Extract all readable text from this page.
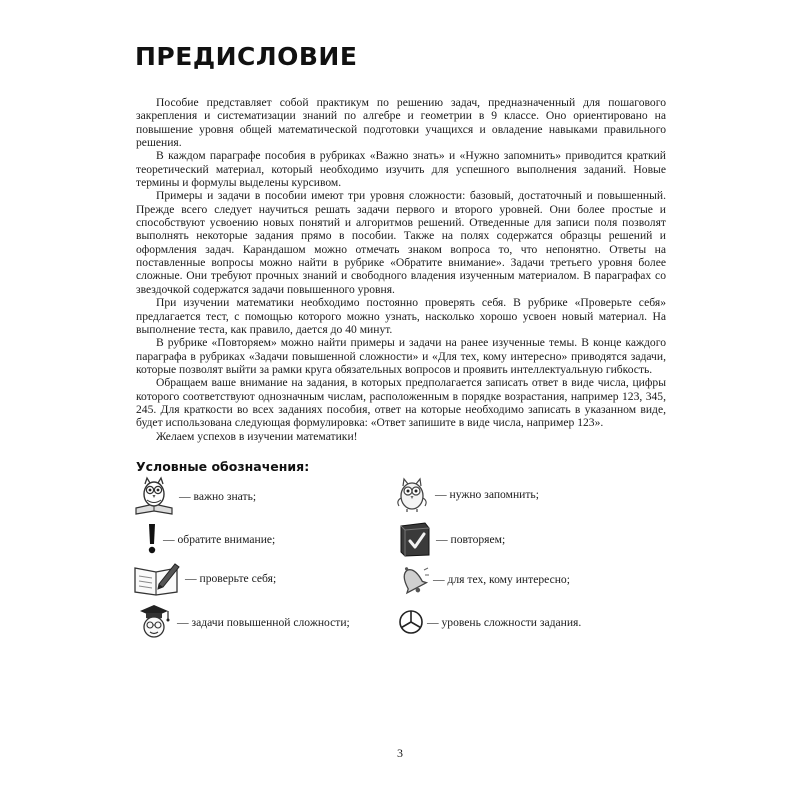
ПРЕДИСЛОВИЕ

Пособие представляет собой практикум по решению задач, предназначенный для пошагового закрепления и систематизации знаний по алгебре и геометрии в 9 классе. Оно ориентировано на повышение уровня общей математической подготовки учащихся и овладение навыками правильного решения.

В каждом параграфе пособия в рубриках «Важно знать» и «Нужно запомнить» приводится краткий теоретический материал, который необходимо изучить для успешного выполнения заданий. Новые термины и формулы выделены курсивом.

Примеры и задачи в пособии имеют три уровня сложности: базовый, достаточный и повышенный. Прежде всего следует научиться решать задачи первого и второго уровней. Они более простые и способствуют усвоению новых понятий и алгоритмов решений. Отведенные для записи поля позволят выполнять некоторые задания прямо в пособии. Также на полях содержатся образцы решений и оформления задач. Карандашом можно отмечать знаком вопроса то, что непонятно. Ответы на поставленные вопросы можно найти в рубрике «Обратите внимание». Задачи третьего уровня более сложные. Они требуют прочных знаний и свободного владения изученным материалом. В параграфах со звездочкой содержатся задачи повышенного уровня.

При изучении математики необходимо постоянно проверять себя. В рубрике «Проверьте себя» предлагается тест, с помощью которого можно узнать, насколько хорошо усвоен новый материал. На выполнение теста, как правило, дается до 40 минут.

В рубрике «Повторяем» можно найти примеры и задачи на ранее изученные темы. В конце каждого параграфа в рубриках «Задачи повышенной сложности» и «Для тех, кому интересно» приводятся задачи, которые позволят выйти за рамки круга обязательных вопросов и проявить интеллектуальную гибкость.

Обращаем ваше внимание на задания, в которых предполагается записать ответ в виде числа, цифры которого соответствуют однозначным числам, расположенным в порядке возрастания, например 123, 345, 245. Для краткости во всех заданиях пособия, ответ на которые необходимо записать в указанном виде, будет использована следующая формулировка: «Ответ запишите в виде числа, например 123».

Желаем успехов в изучении математики!

Условные обозначения:
— важно знать;	— нужно запомнить;
— обратите внимание;	— повторяем;
— проверьте себя;	— для тех, кому интересно;
— задачи повышенной сложности;	— уровень сложности задания.
3
